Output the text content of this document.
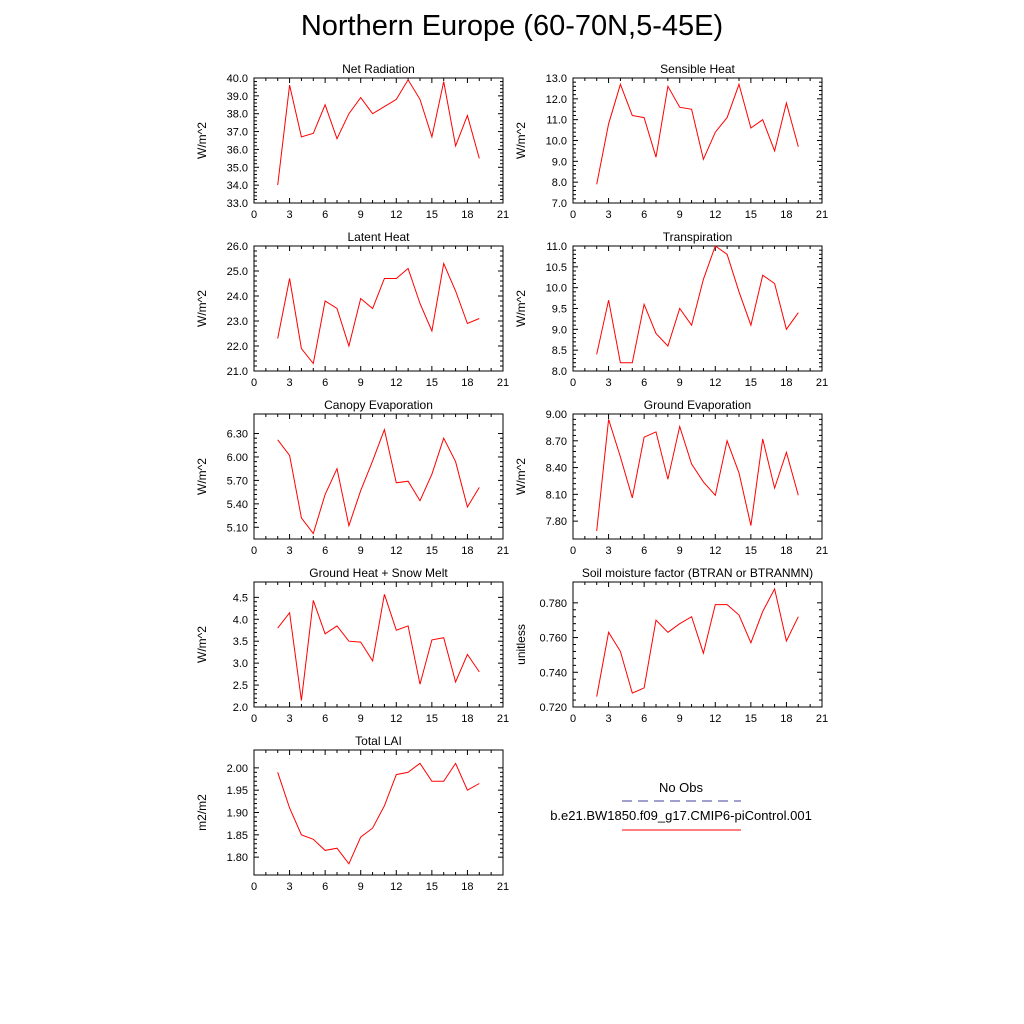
Northern Europe (60-70N,5-45E)
Net Radiation
W/m^2
0	3	6	9 12 15 18 21
33.0
34.0
35.0
36.0
37.0
38.0
39.0
40.0
Sensible Heat
W/m^2
0	3	6	9 12 15 18 21
7.0
8.0
9.0
10.0
11.0
12.0
13.0
Latent Heat
W/m^2
0	3	6	9 12 15 18 21
21.0
22.0
23.0
24.0
25.0
26.0
Transpiration
W/m^2
0	3	6	9 12 15 18 21
8.0
8.5
9.0
9.5
10.0
10.5
11.0
Canopy Evaporation
W/m^2
0	3	6	9 12 15 18 21
5.10
5.40
5.70
6.00
6.30
Ground Evaporation
W/m^2
0	3	6	9 12 15 18 21
7.80
8.10
8.40
8.70
9.00
Ground Heat + Snow Melt
W/m^2
0	3	6	9 12 15 18 21
2.0
2.5
3.0
3.5
4.0
4.5
Soil moisture factor (BTRAN or BTRANMN)
unitless
0	3	6	9 12 15 18 21
0.720
0.740
0.760
0.780
Total LAI
m2/m2
0	3	6	9 12 15 18 21
1.80
1.85
1.90
1.95
2.00
No Obs
b.e21.BW1850.f09_g17.CMIP6-piControl.001
